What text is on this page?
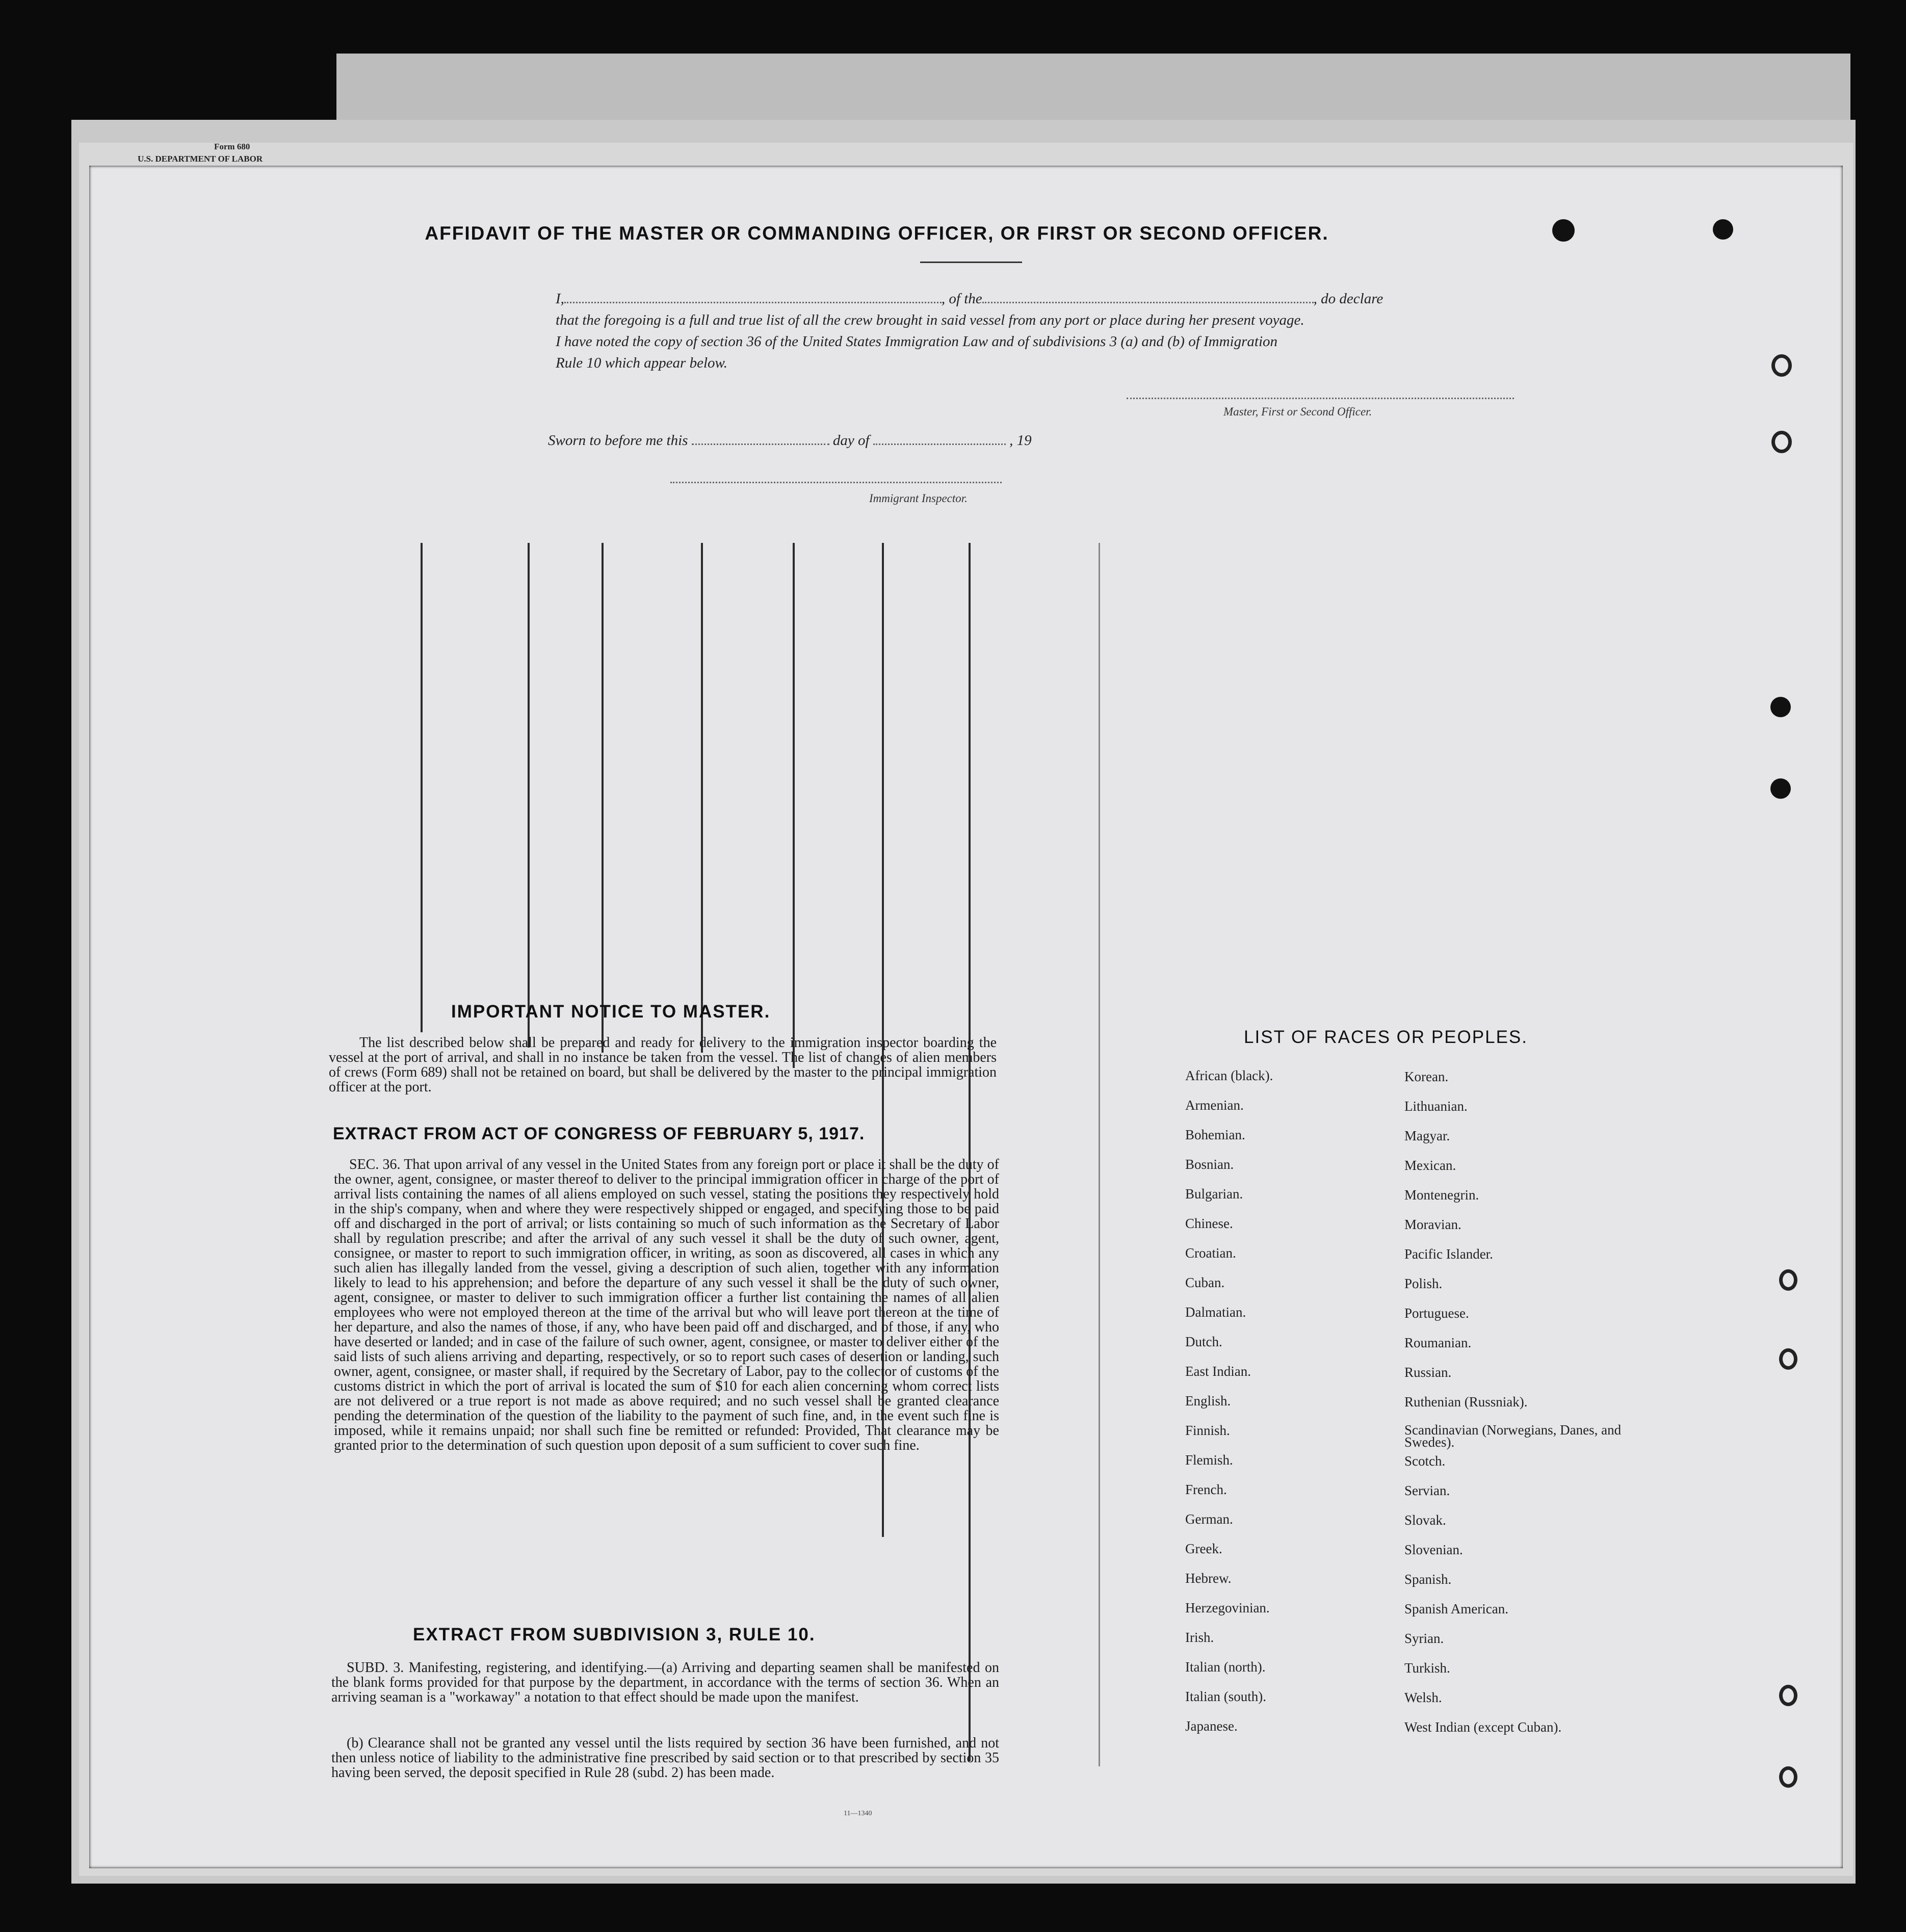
Form 680
U.S. DEPARTMENT OF LABOR
AFFIDAVIT OF THE MASTER OR COMMANDING OFFICER, OR FIRST OR SECOND OFFICER.
I,	, of the	, do declare
that the foregoing is a full and true list of all the crew brought in said vessel from any port or place during her present voyage.
I have noted the copy of section 36 of the United States Immigration Law and of subdivisions 3 (a) and (b) of Immigration
Rule 10 which appear below.
Master, First or Second Officer.
Sworn to before me this	day of	, 19
Immigrant Inspector.
IMPORTANT NOTICE TO MASTER.
The list described below shall be prepared and ready for delivery to the immigration inspector boarding the vessel at the port of arrival, and shall in no instance be taken from the vessel. The list of changes of alien members of crews (Form 689) shall not be retained on board, but shall be delivered by the master to the principal immigration officer at the port.
EXTRACT FROM ACT OF CONGRESS OF FEBRUARY 5, 1917.
SEC. 36. That upon arrival of any vessel in the United States from any foreign port or place it shall be the duty of the owner, agent, consignee, or master thereof to deliver to the principal immigration officer in charge of the port of arrival lists containing the names of all aliens employed on such vessel, stating the positions they respectively hold in the ship's company, when and where they were respectively shipped or engaged, and specifying those to be paid off and discharged in the port of arrival; or lists containing so much of such information as the Secretary of Labor shall by regulation prescribe; and after the arrival of any such vessel it shall be the duty of such owner, agent, consignee, or master to report to such immigration officer, in writing, as soon as discovered, all cases in which any such alien has illegally landed from the vessel, giving a description of such alien, together with any information likely to lead to his apprehension; and before the departure of any such vessel it shall be the duty of such owner, agent, consignee, or master to deliver to such immigration officer a further list containing the names of all alien employees who were not employed thereon at the time of the arrival but who will leave port thereon at the time of her departure, and also the names of those, if any, who have been paid off and discharged, and of those, if any, who have deserted or landed; and in case of the failure of such owner, agent, consignee, or master to deliver either of the said lists of such aliens arriving and departing, respectively, or so to report such cases of desertion or landing, such owner, agent, consignee, or master shall, if required by the Secretary of Labor, pay to the collector of customs of the customs district in which the port of arrival is located the sum of $10 for each alien concerning whom correct lists are not delivered or a true report is not made as above required; and no such vessel shall be granted clearance pending the determination of the question of the liability to the payment of such fine, and, in the event such fine is imposed, while it remains unpaid; nor shall such fine be remitted or refunded: Provided, That clearance may be granted prior to the determination of such question upon deposit of a sum sufficient to cover such fine.
EXTRACT FROM SUBDIVISION 3, RULE 10.
SUBD. 3. Manifesting, registering, and identifying.—(a) Arriving and departing seamen shall be manifested on the blank forms provided for that purpose by the department, in accordance with the terms of section 36. When an arriving seaman is a "workaway" a notation to that effect should be made upon the manifest.
(b) Clearance shall not be granted any vessel until the lists required by section 36 have been furnished, and not then unless notice of liability to the administrative fine prescribed by said section or to that prescribed by section 35 having been served, the deposit specified in Rule 28 (subd. 2) has been made.
11—1340
LIST OF RACES OR PEOPLES.
African (black).
Armenian.
Bohemian.
Bosnian.
Bulgarian.
Chinese.
Croatian.
Cuban.
Dalmatian.
Dutch.
East Indian.
English.
Finnish.
Flemish.
French.
German.
Greek.
Hebrew.
Herzegovinian.
Irish.
Italian (north).
Italian (south).
Japanese.
Korean.
Lithuanian.
Magyar.
Mexican.
Montenegrin.
Moravian.
Pacific Islander.
Polish.
Portuguese.
Roumanian.
Russian.
Ruthenian (Russniak).
Scandinavian (Norwegians, Danes, and Swedes).
Scotch.
Servian.
Slovak.
Slovenian.
Spanish.
Spanish American.
Syrian.
Turkish.
Welsh.
West Indian (except Cuban).
